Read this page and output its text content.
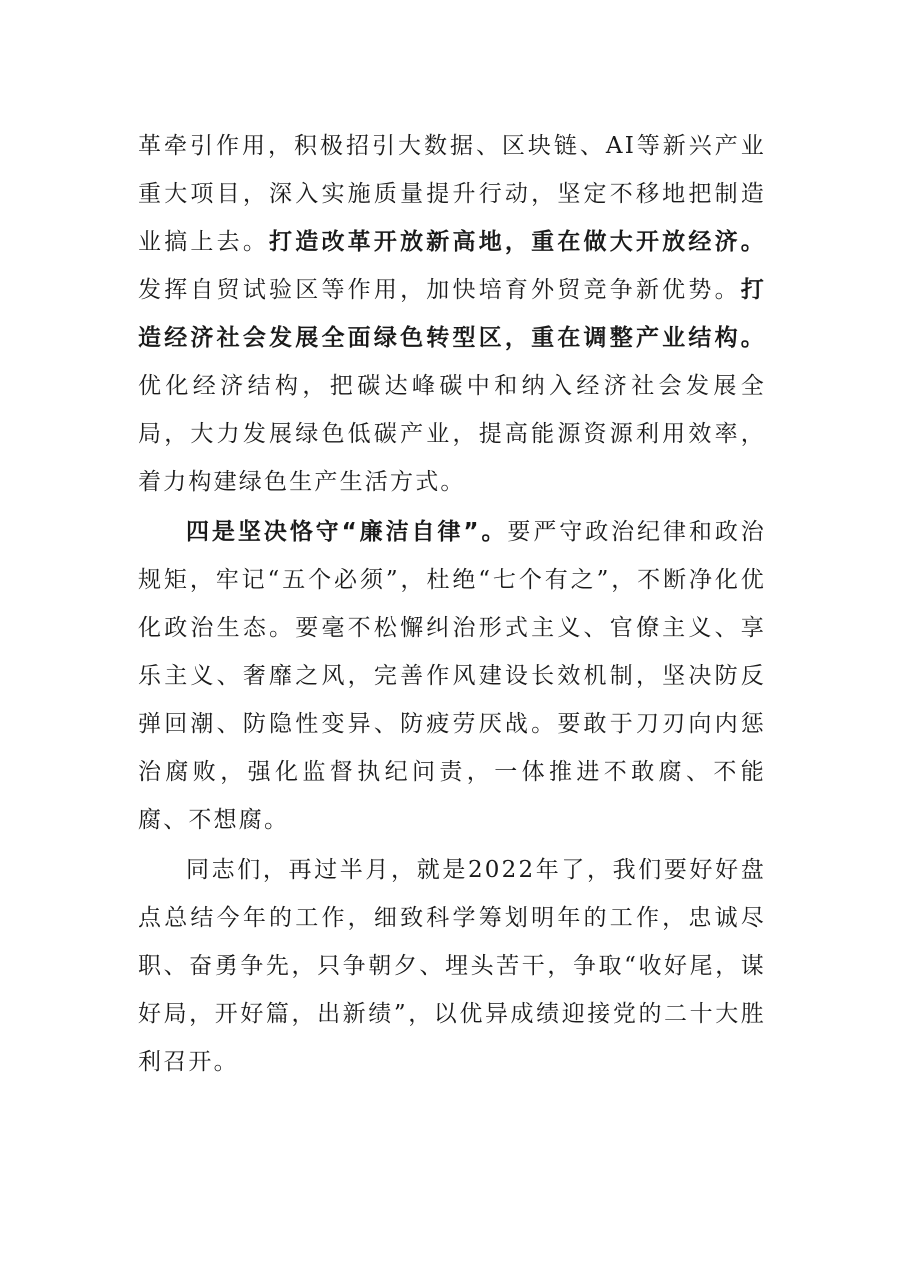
革牵引作用，积极招引大数据、区块链、AI等新兴产业重大项目，深入实施质量提升行动，坚定不移地把制造业搞上去。打造改革开放新高地，重在做大开放经济。发挥自贸试验区等作用，加快培育外贸竞争新优势。打造经济社会发展全面绿色转型区，重在调整产业结构。优化经济结构，把碳达峰碳中和纳入经济社会发展全局，大力发展绿色低碳产业，提高能源资源利用效率，着力构建绿色生产生活方式。

四是坚决恪守“廉洁自律”。要严守政治纪律和政治规矩，牢记“五个必须”，杜绝“七个有之”，不断净化优化政治生态。要毫不松懈纠治形式主义、官僚主义、享乐主义、奢靡之风，完善作风建设长效机制，坚决防反弹回潮、防隐性变异、防疲劳厌战。要敢于刀刃向内惩治腐败，强化监督执纪问责，一体推进不敢腐、不能腐、不想腐。

同志们，再过半月，就是2022年了，我们要好好盘点总结今年的工作，细致科学筹划明年的工作，忠诚尽职、奋勇争先，只争朝夕、埋头苦干，争取“收好尾，谋好局，开好篇，出新绩”，以优异成绩迎接党的二十大胜利召开。
